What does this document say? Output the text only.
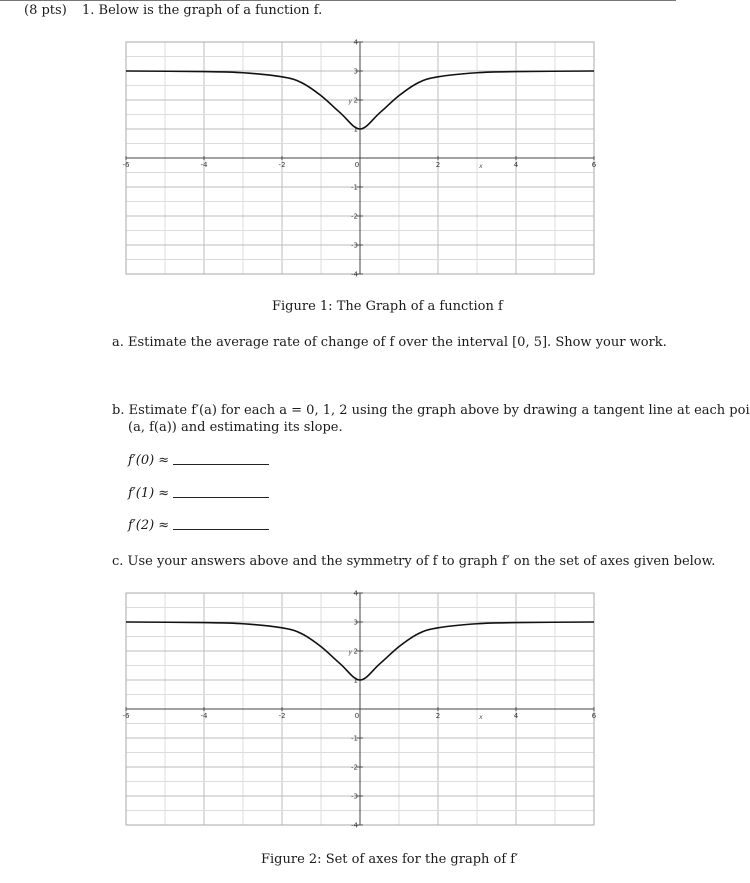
(8 pts) 1. Below is the graph of a function f.
-6	-4	-2	0	2	4	6
-4
-3
-2
-1
1
2
3
4
y
x
Figure 1: The Graph of a function f
a. Estimate the average rate of change of f over the interval [0, 5]. Show your work.
b. Estimate f′(a) for each a = 0, 1, 2 using the graph above by drawing a tangent line at each poi
(a, f(a)) and estimating its slope.
f′(0) ≈
f′(1) ≈
f′(2) ≈
c. Use your answers above and the symmetry of f to graph f′ on the set of axes given below.
-6	-4	-2	0	2	4	6
-4
-3
-2
-1
1
2
3
4
y
x
Figure 2: Set of axes for the graph of f′
